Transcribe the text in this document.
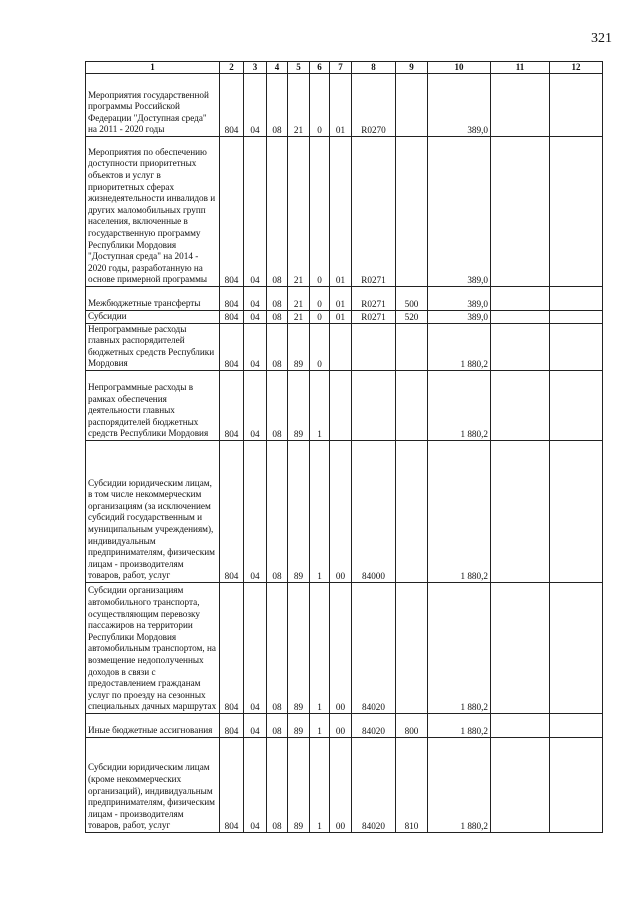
321
1	2	3	4	5	6	7	8	9	10	11	12
Мероприятия государственной программы Российской Федерации "Доступная среда" на 2011 - 2020 годы	804	04	08	21	0	01	R0270		389,0		
Мероприятия по обеспечению доступности приоритетных объектов и услуг в приоритетных сферах жизнедеятельности инвалидов и других маломобильных групп населения, включенные в государственную программу Республики Мордовия "Доступная среда" на 2014 - 2020 годы, разработанную на основе примерной программы	804	04	08	21	0	01	R0271		389,0		
Межбюджетные трансферты	804	04	08	21	0	01	R0271	500	389,0		
Субсидии	804	04	08	21	0	01	R0271	520	389,0		
Непрограммные расходы главных распорядителей бюджетных средств Республики Мордовия	804	04	08	89	0				1 880,2		
Непрограммные расходы в рамках обеспечения деятельности главных распорядителей бюджетных средств Республики Мордовия	804	04	08	89	1				1 880,2		
Субсидии юридическим лицам, в том числе некоммерческим организациям (за исключением субсидий государственным и муниципальным учреждениям), индивидуальным предпринимателям, физическим лицам - производителям товаров, работ, услуг	804	04	08	89	1	00	84000		1 880,2		
Субсидии организациям автомобильного транспорта, осуществляющим перевозку пассажиров на территории Республики Мордовия автомобильным транспортом, на возмещение недополученных доходов в связи с предоставлением гражданам услуг по проезду на сезонных специальных дачных маршрутах	804	04	08	89	1	00	84020		1 880,2		
Иные бюджетные ассигнования	804	04	08	89	1	00	84020	800	1 880,2		
Субсидии юридическим лицам (кроме некоммерческих организаций), индивидуальным предпринимателям, физическим лицам - производителям товаров, работ, услуг	804	04	08	89	1	00	84020	810	1 880,2		
